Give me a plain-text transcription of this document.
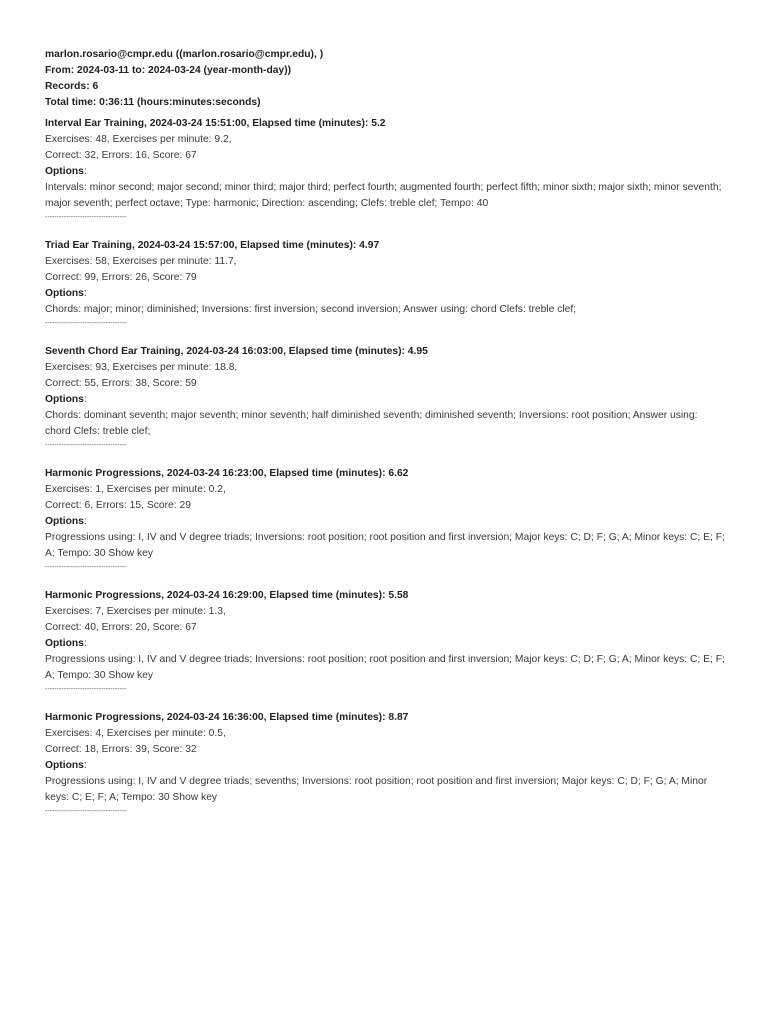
marlon.rosario@cmpr.edu ((marlon.rosario@cmpr.edu), )
From: 2024-03-11 to: 2024-03-24 (year-month-day))
Records: 6
Total time: 0:36:11 (hours:minutes:seconds)
Interval Ear Training, 2024-03-24 15:51:00, Elapsed time (minutes): 5.2
Exercises: 48, Exercises per minute: 9.2,
Correct: 32, Errors: 16, Score: 67
Options:
Intervals: minor second; major second; minor third; major third; perfect fourth; augmented fourth; perfect fifth; minor sixth; major sixth; minor seventh; major seventh; perfect octave; Type: harmonic; Direction: ascending; Clefs: treble clef; Tempo: 40
-----------------------------------
Triad Ear Training, 2024-03-24 15:57:00, Elapsed time (minutes): 4.97
Exercises: 58, Exercises per minute: 11.7,
Correct: 99, Errors: 26, Score: 79
Options:
Chords: major; minor; diminished; Inversions: first inversion; second inversion; Answer using: chord Clefs: treble clef;
-----------------------------------
Seventh Chord Ear Training, 2024-03-24 16:03:00, Elapsed time (minutes): 4.95
Exercises: 93, Exercises per minute: 18.8,
Correct: 55, Errors: 38, Score: 59
Options:
Chords: dominant seventh; major seventh; minor seventh; half diminished seventh; diminished seventh; Inversions: root position; Answer using: chord Clefs: treble clef;
-----------------------------------
Harmonic Progressions, 2024-03-24 16:23:00, Elapsed time (minutes): 6.62
Exercises: 1, Exercises per minute: 0.2,
Correct: 6, Errors: 15, Score: 29
Options:
Progressions using: I, IV and V degree triads; Inversions: root position; root position and first inversion; Major keys: C; D; F; G; A; Minor keys: C; E; F; A; Tempo: 30 Show key
-----------------------------------
Harmonic Progressions, 2024-03-24 16:29:00, Elapsed time (minutes): 5.58
Exercises: 7, Exercises per minute: 1.3,
Correct: 40, Errors: 20, Score: 67
Options:
Progressions using: I, IV and V degree triads; Inversions: root position; root position and first inversion; Major keys: C; D; F; G; A; Minor keys: C; E; F; A; Tempo: 30 Show key
-----------------------------------
Harmonic Progressions, 2024-03-24 16:36:00, Elapsed time (minutes): 8.87
Exercises: 4, Exercises per minute: 0.5,
Correct: 18, Errors: 39, Score: 32
Options:
Progressions using: I, IV and V degree triads; sevenths; Inversions: root position; root position and first inversion; Major keys: C; D; F; G; A; Minor keys: C; E; F; A; Tempo: 30 Show key
-----------------------------------
